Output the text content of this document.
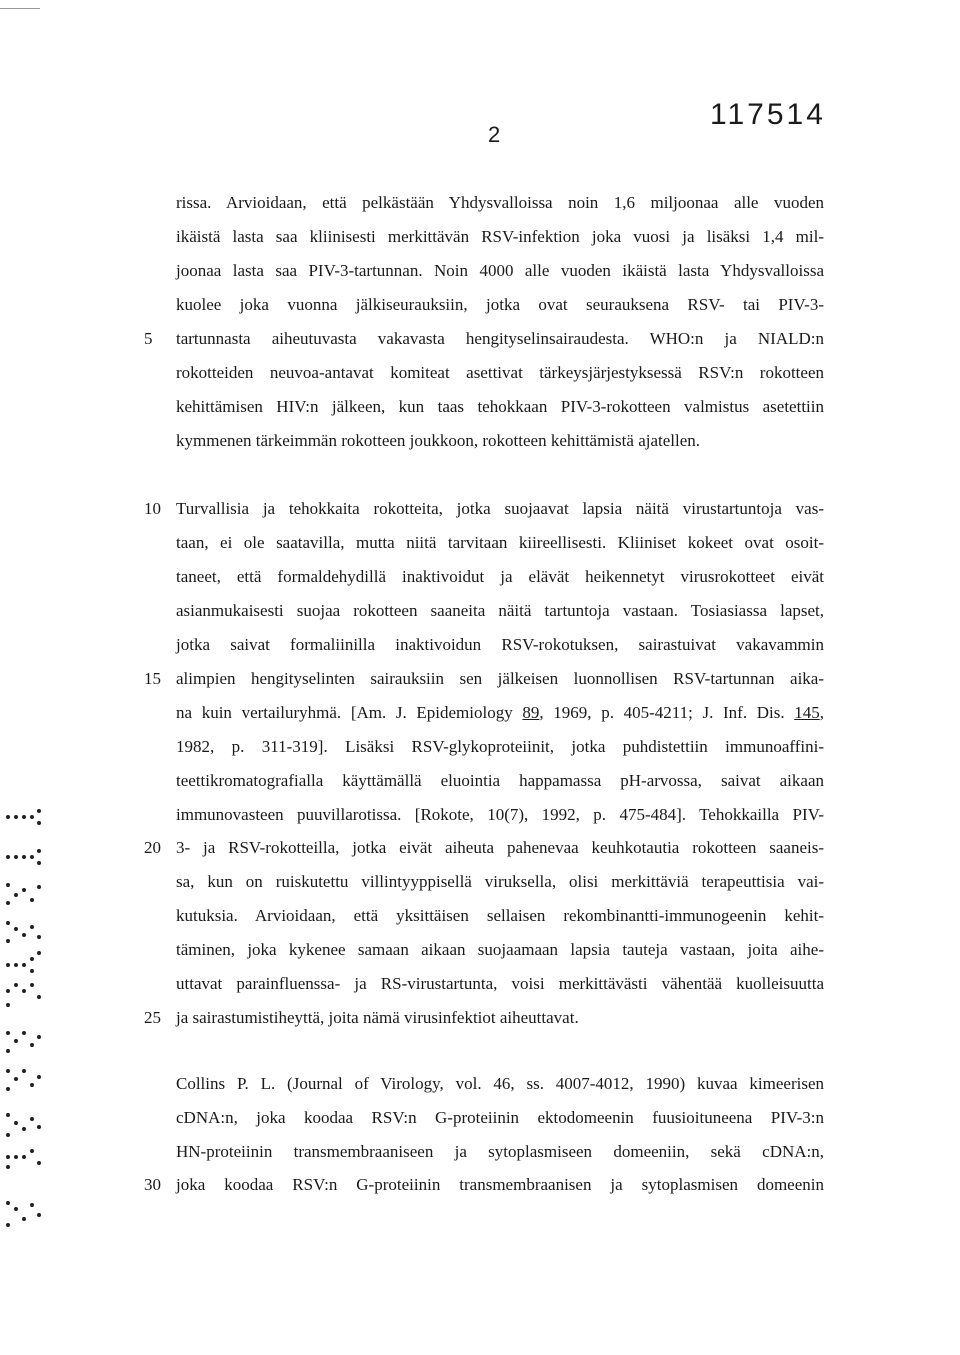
2
117514
5
10
15
20
25
30
rissa. Arvioidaan, että pelkästään Yhdysvalloissa noin 1,6 miljoonaa alle vuoden
ikäistä lasta saa kliinisesti merkittävän RSV-infektion joka vuosi ja lisäksi 1,4 mil-
joonaa lasta saa PIV-3-tartunnan. Noin 4000 alle vuoden ikäistä lasta Yhdysvalloissa
kuolee joka vuonna jälkiseurauksiin, jotka ovat seurauksena RSV- tai PIV-3-
tartunnasta aiheutuvasta vakavasta hengityselinsairaudesta. WHO:n ja NIALD:n
rokotteiden neuvoa-antavat komiteat asettivat tärkeysjärjestyksessä RSV:n rokotteen
kehittämisen HIV:n jälkeen, kun taas tehokkaan PIV-3-rokotteen valmistus asetettiin
kymmenen tärkeimmän rokotteen joukkoon, rokotteen kehittämistä ajatellen.
Turvallisia ja tehokkaita rokotteita, jotka suojaavat lapsia näitä virustartuntoja vas-
taan, ei ole saatavilla, mutta niitä tarvitaan kiireellisesti. Kliiniset kokeet ovat osoit-
taneet, että formaldehydillä inaktivoidut ja elävät heikennetyt virusrokotteet eivät
asianmukaisesti suojaa rokotteen saaneita näitä tartuntoja vastaan. Tosiasiassa lapset,
jotka saivat formaliinilla inaktivoidun RSV-rokotuksen, sairastuivat vakavammin
alimpien hengityselinten sairauksiin sen jälkeisen luonnollisen RSV-tartunnan aika-
na kuin vertailuryhmä. [Am. J. Epidemiology 89, 1969, p. 405-4211; J. Inf. Dis. 145,
1982, p. 311-319]. Lisäksi RSV-glykoproteiinit, jotka puhdistettiin immunoaffini-
teettikromatografialla käyttämällä eluointia happamassa pH-arvossa, saivat aikaan
immunovasteen puuvillarotissa. [Rokote, 10(7), 1992, p. 475-484]. Tehokkailla PIV-
3- ja RSV-rokotteilla, jotka eivät aiheuta pahenevaa keuhkotautia rokotteen saaneis-
sa, kun on ruiskutettu villintyyppisellä viruksella, olisi merkittäviä terapeuttisia vai-
kutuksia. Arvioidaan, että yksittäisen sellaisen rekombinantti-immunogeenin kehit-
täminen, joka kykenee samaan aikaan suojaamaan lapsia tauteja vastaan, joita aihe-
uttavat parainfluenssa- ja RS-virustartunta, voisi merkittävästi vähentää kuolleisuutta
ja sairastumistiheyttä, joita nämä virusinfektiot aiheuttavat.
Collins P. L. (Journal of Virology, vol. 46, ss. 4007-4012, 1990) kuvaa kimeerisen
cDNA:n, joka koodaa RSV:n G-proteiinin ektodomeenin fuusioituneena PIV-3:n
HN-proteiinin transmembraaniseen ja sytoplasmiseen domeeniin, sekä cDNA:n,
joka koodaa RSV:n G-proteiinin transmembraanisen ja sytoplasmisen domeenin
